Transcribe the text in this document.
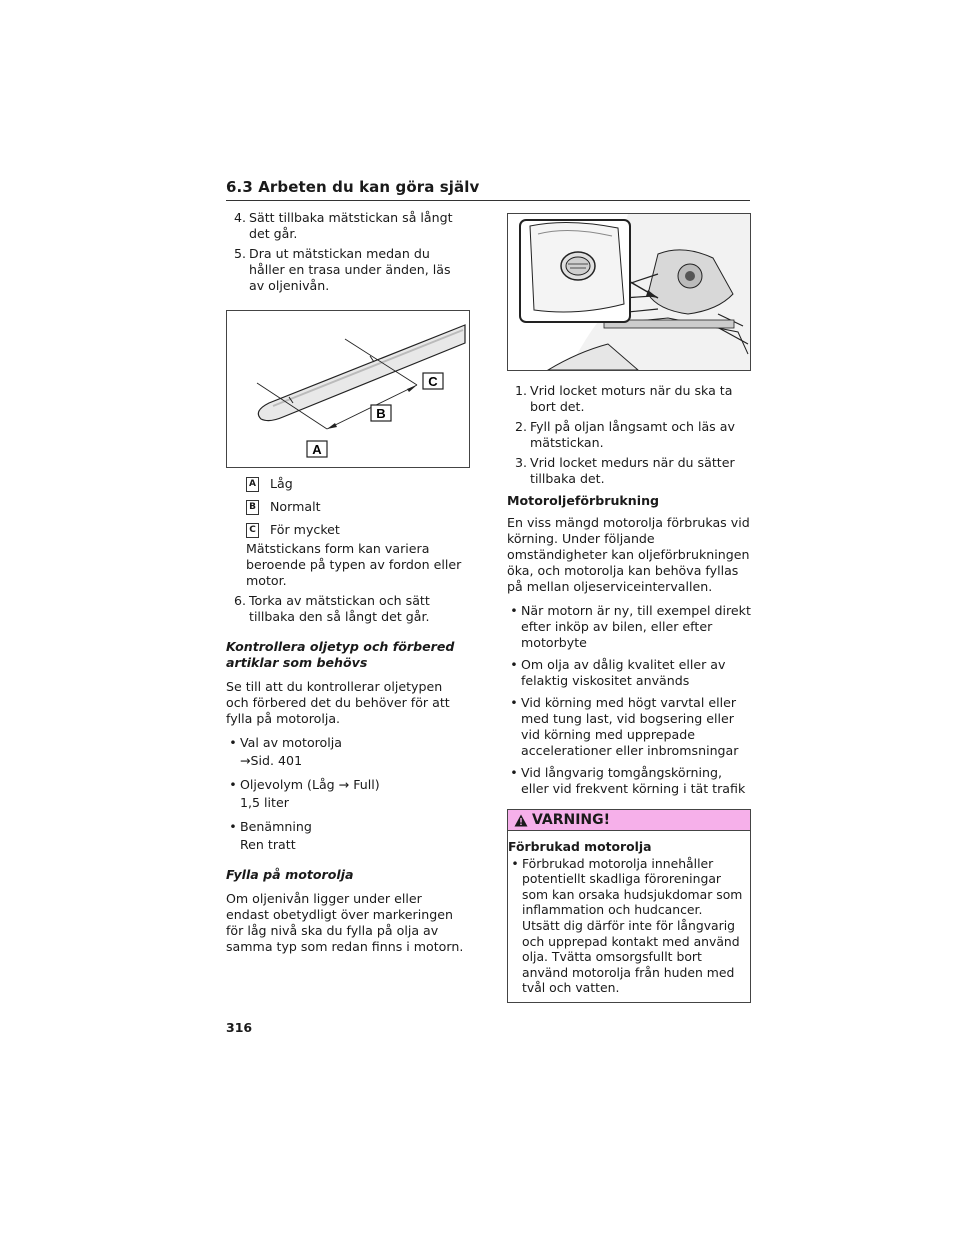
6.3 Arbeten du kan göra själv
4. Sätt tillbaka mätstickan så långt det går.
5. Dra ut mätstickan medan du håller en trasa under änden, läs av oljenivån.
C
B
A
A Låg
B Normalt
C För mycket
Mätstickans form kan variera beroende på typen av fordon eller motor.
6. Torka av mätstickan och sätt tillbaka den så långt det går.
Kontrollera oljetyp och förbered artiklar som behövs
Se till att du kontrollerar oljetypen och förbered det du behöver för att fylla på motorolja.
• Val av motorolja
→Sid. 401
• Oljevolym (Låg → Full)
1,5 liter
• Benämning
Ren tratt
Fylla på motorolja
Om oljenivån ligger under eller endast obetydligt över markeringen för låg nivå ska du fylla på olja av samma typ som redan finns i motorn.
1. Vrid locket moturs när du ska ta bort det.
2. Fyll på oljan långsamt och läs av mätstickan.
3. Vrid locket medurs när du sätter tillbaka det.
Motoroljeförbrukning
En viss mängd motorolja förbrukas vid körning. Under följande omständigheter kan oljeförbrukningen öka, och motorolja kan behöva fyllas på mellan oljeserviceintervallen.
• När motorn är ny, till exempel direkt efter inköp av bilen, eller efter motorbyte
• Om olja av dålig kvalitet eller av felaktig viskositet används
• Vid körning med högt varvtal eller med tung last, vid bogsering eller vid körning med upprepade accelerationer eller inbromsningar
• Vid långvarig tomgångskörning, eller vid frekvent körning i tät trafik
VARNING!
Förbrukad motorolja
• Förbrukad motorolja innehåller potentiellt skadliga föroreningar som kan orsaka hudsjukdomar som inflammation och hudcancer. Utsätt dig därför inte för långvarig och upprepad kontakt med använd olja. Tvätta omsorgsfullt bort använd motorolja från huden med tvål och vatten.
316
